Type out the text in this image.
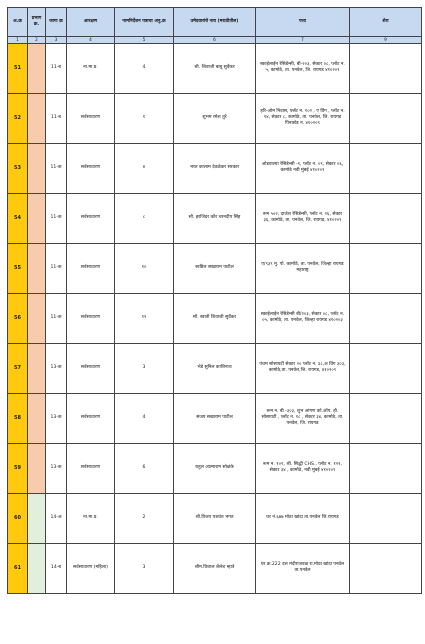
अ.क्र	प्रभाग क्र.	जागा क्र	आरक्षण	नामनिर्देशन पत्राचा अनु.क्र	उमेदवारांचे नाव (मराठीतील)	पत्ता	शेरा
1	2	3	4	5	6	7	9
51		11-ब	ना.मा.प्र.	4	श्री. शिवाजी बाबू सुर्वेकर	स्काईलाईन रेसिडेन्सी, बी-२०३, सेक्टर ०८, प्लॉट न. ५, कामोठे, ता. पनवेल, जि. रायगड ४१०२०९	
52		11-ब	सर्वसाधारण	१	शुभम रमेश तुरे	हरि-ओम निवास, फ्लॅट न. १०२ , ए विंग , प्लॉट न. १४, सेक्टर ८, कामोठे, ता. पनवेल, जि. रायगड पिनकोड न. ४१०२०९	
53		11-क	सर्वसाधारण	४	भरत कालाम देवळेकर सरकार	ओडवाल्या रेसिडेन्सी -१, प्लॉट न. ०९, सेक्टर ०६, कामोठे नवी मुंबई ४१०२०९	
54		11-क	सर्वसाधारण	८	सौ. हरजिंदर कौर चरनदीप सिंह	रूम ५०२, दाजेश रेसिडेन्सी, प्लॉट न. २६, सेक्टर ३६, कामोठे, ता. पनवेल, जि. रायगड, ४१०२०९	
55		11-क	सर्वसाधारण	१०	स्वप्निल सखाराम पाटील	ए/९३९ मु. पो. कामोठे, ता. पनवेल, जिल्हा रायगड महाराष्ट्र	
56		11-क	सर्वसाधारण	१२	सौ. स्वाती शिवाजी सुर्वेकर	स्काईलाईन रेसिडेन्सी बी/२०३, सेक्टर ०८, प्लॉट न. ०५, कामोठे, ता. पनवेल, जिल्हा रायगड ४१०२०३	
57		13-क	सर्वसाधारण	3	भेडे सुनिल काशिनाथ	पंचम सोसायटी सेक्टर २० प्लॉट न. ३८,अ विंग ३०३, कामोठे,ता. पनवेल,जि. रायगड, ४१०२०९	
58		13-क	सर्वसाधारण	4	संजय सखाराम पाटील	रूम न. बी -३०३, शुभ आंगण को.ऑप. हौ. सोसायटी , प्लॉट न. १८ , सेक्टर ३४, कामोठे, ता. पनवेल, जि. रायगड	
59		13-क	सर्वसाधारण	6	राहुल आत्माराम सोळंके	रूम न. १०१, श्री. सिद्धी CHS., प्लॉट न. १२१, सेक्टर ३४ , कामोठे, नवी मुंबई ४१०२०९	
60		14-अ	ना.मा.प्र.	2	श्री.विजय यशवंत भगत	घर नं.६७७ मोठा खांदा ता.पनवेल जि.रायगड	
61		14-ब	सर्वसाधारण (महिला)	3	श्रीम.विशाल शैलेश म्हात्रे	घर क्र.222 दत्त मंदीराजवळ रा.मोठा खांदा पनवेल ता.पनवेल	
